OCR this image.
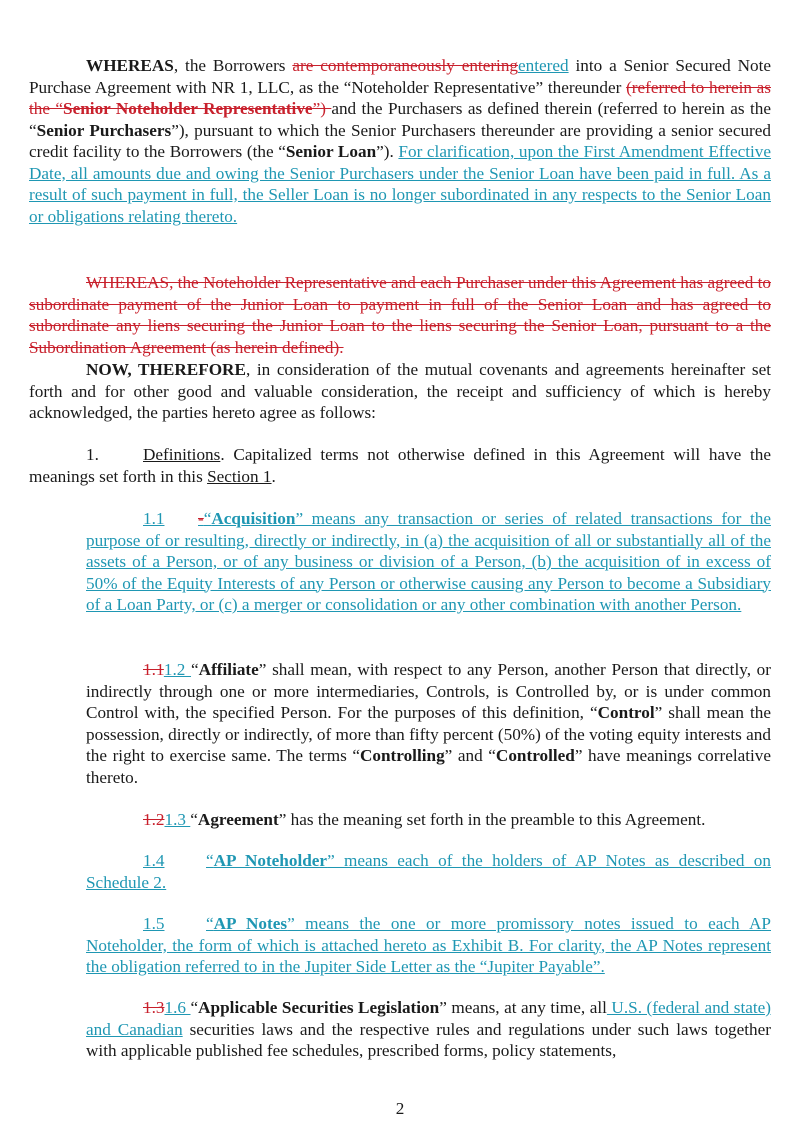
WHEREAS, the Borrowers are contemporaneously enteringentered into a Senior Secured Note Purchase Agreement with NR 1, LLC, as the “Noteholder Representative” thereunder (referred to herein as the “Senior Noteholder Representative”) and the Purchasers as defined therein (referred to herein as the “Senior Purchasers”), pursuant to which the Senior Purchasers thereunder are providing a senior secured credit facility to the Borrowers (the “Senior Loan”). For clarification, upon the First Amendment Effective Date, all amounts due and owing the Senior Purchasers under the Senior Loan have been paid in full. As a result of such payment in full, the Seller Loan is no longer subordinated in any respects to the Senior Loan or obligations relating thereto.

WHEREAS, the Noteholder Representative and each Purchaser under this Agreement has agreed to subordinate payment of the Junior Loan to payment in full of the Senior Loan and has agreed to subordinate any liens securing the Junior Loan to the liens securing the Senior Loan, pursuant to a the Subordination Agreement (as herein defined).

NOW, THEREFORE, in consideration of the mutual covenants and agreements hereinafter set forth and for other good and valuable consideration, the receipt and sufficiency of which is hereby acknowledged, the parties hereto agree as follows:

1.	Definitions. Capitalized terms not otherwise defined in this Agreement will have the meanings set forth in this Section 1.

1.1 -“Acquisition” means any transaction or series of related transactions for the purpose of or resulting, directly or indirectly, in (a) the acquisition of all or substantially all of the assets of a Person, or of any business or division of a Person, (b) the acquisition of in excess of 50% of the Equity Interests of any Person or otherwise causing any Person to become a Subsidiary of a Loan Party, or (c) a merger or consolidation or any other combination with another Person.

1.11.2 “Affiliate” shall mean, with respect to any Person, another Person that directly, or indirectly through one or more intermediaries, Controls, is Controlled by, or is under common Control with, the specified Person. For the purposes of this definition, “Control” shall mean the possession, directly or indirectly, of more than fifty percent (50%) of the voting equity interests and the right to exercise same. The terms “Controlling” and “Controlled” have meanings correlative thereto.

1.21.3 “Agreement” has the meaning set forth in the preamble to this Agreement.

1.4 “AP Noteholder” means each of the holders of AP Notes as described on Schedule 2.

1.5 “AP Notes” means the one or more promissory notes issued to each AP Noteholder, the form of which is attached hereto as Exhibit B. For clarity, the AP Notes represent the obligation referred to in the Jupiter Side Letter as the “Jupiter Payable”.

1.31.6 “Applicable Securities Legislation” means, at any time, all U.S. (federal and state) and Canadian securities laws and the respective rules and regulations under such laws together with applicable published fee schedules, prescribed forms, policy statements,

2
